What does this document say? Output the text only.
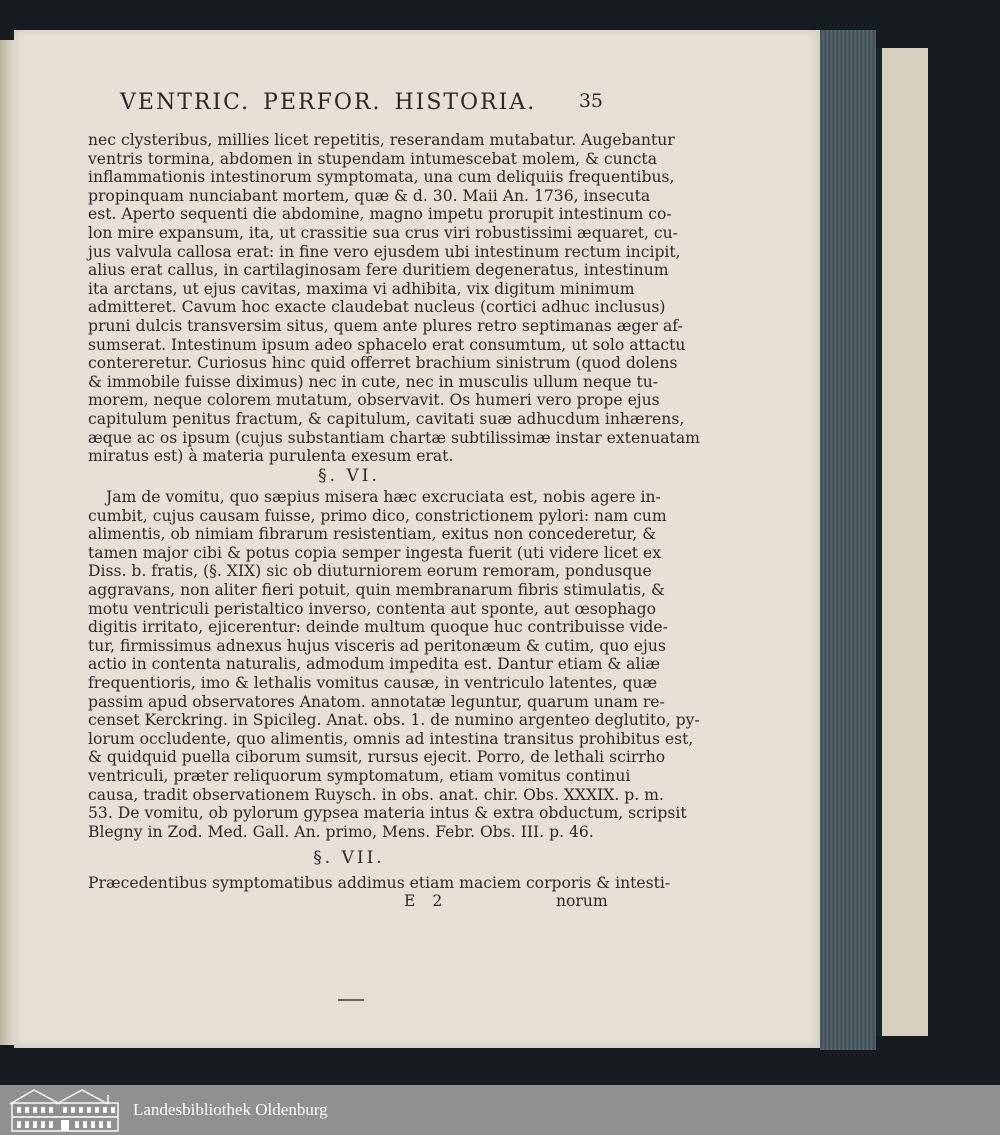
VENTRIC. PERFOR. HISTORIA. 35
nec clysteribus, millies licet repetitis, reserandam mutabatur. Augebantur
ventris tormina, abdomen in stupendam intumescebat molem, & cuncta
inflammationis intestinorum symptomata, una cum deliquiis frequentibus,
propinquam nunciabant mortem, quæ & d. 30. Maii An. 1736, insecuta
est. Aperto sequenti die abdomine, magno impetu prorupit intestinum co-
lon mire expansum, ita, ut crassitie sua crus viri robustissimi æquaret, cu-
jus valvula callosa erat: in fine vero ejusdem ubi intestinum rectum incipit,
alius erat callus, in cartilaginosam fere duritiem degeneratus, intestinum
ita arctans, ut ejus cavitas, maxima vi adhibita, vix digitum minimum
admitteret. Cavum hoc exacte claudebat nucleus (cortici adhuc inclusus)
pruni dulcis transversim situs, quem ante plures retro septimanas æger af-
sumserat. Intestinum ipsum adeo sphacelo erat consumtum, ut solo attactu
contereretur. Curiosus hinc quid offerret brachium sinistrum (quod dolens
& immobile fuisse diximus) nec in cute, nec in musculis ullum neque tu-
morem, neque colorem mutatum, observavit. Os humeri vero prope ejus
capitulum penitus fractum, & capitulum, cavitati suæ adhucdum inhærens,
æque ac os ipsum (cujus substantiam chartæ subtilissimæ instar extenuatam
miratus est) à materia purulenta exesum erat.
§. VI.
Jam de vomitu, quo sæpius misera hæc excruciata est, nobis agere in-
cumbit, cujus causam fuisse, primo dico, constrictionem pylori: nam cum
alimentis, ob nimiam fibrarum resistentiam, exitus non concederetur, &
tamen major cibi & potus copia semper ingesta fuerit (uti videre licet ex
Diss. b. fratis, (§. XIX) sic ob diuturniorem eorum remoram, pondusque
aggravans, non aliter fieri potuit, quin membranarum fibris stimulatis, &
motu ventriculi peristaltico inverso, contenta aut sponte, aut œsophago
digitis irritato, ejicerentur: deinde multum quoque huc contribuisse vide-
tur, firmissimus adnexus hujus visceris ad peritonæum & cutim, quo ejus
actio in contenta naturalis, admodum impedita est. Dantur etiam & aliæ
frequentioris, imo & lethalis vomitus causæ, in ventriculo latentes, quæ
passim apud observatores Anatom. annotatæ leguntur, quarum unam re-
censet Kerckring. in Spicileg. Anat. obs. 1. de numino argenteo deglutito, py-
lorum occludente, quo alimentis, omnis ad intestina transitus prohibitus est,
& quidquid puella ciborum sumsit, rursus ejecit. Porro, de lethali scirrho
ventriculi, præter reliquorum symptomatum, etiam vomitus continui
causa, tradit observationem Ruysch. in obs. anat. chir. Obs. XXXIX. p. m.
53. De vomitu, ob pylorum gypsea materia intus & extra obductum, scripsit
Blegny in Zod. Med. Gall. An. primo, Mens. Febr. Obs. III. p. 46.
§. VII.
Præcedentibus symptomatibus addimus etiam maciem corporis & intesti-
E 2	norum
Landesbibliothek Oldenburg
